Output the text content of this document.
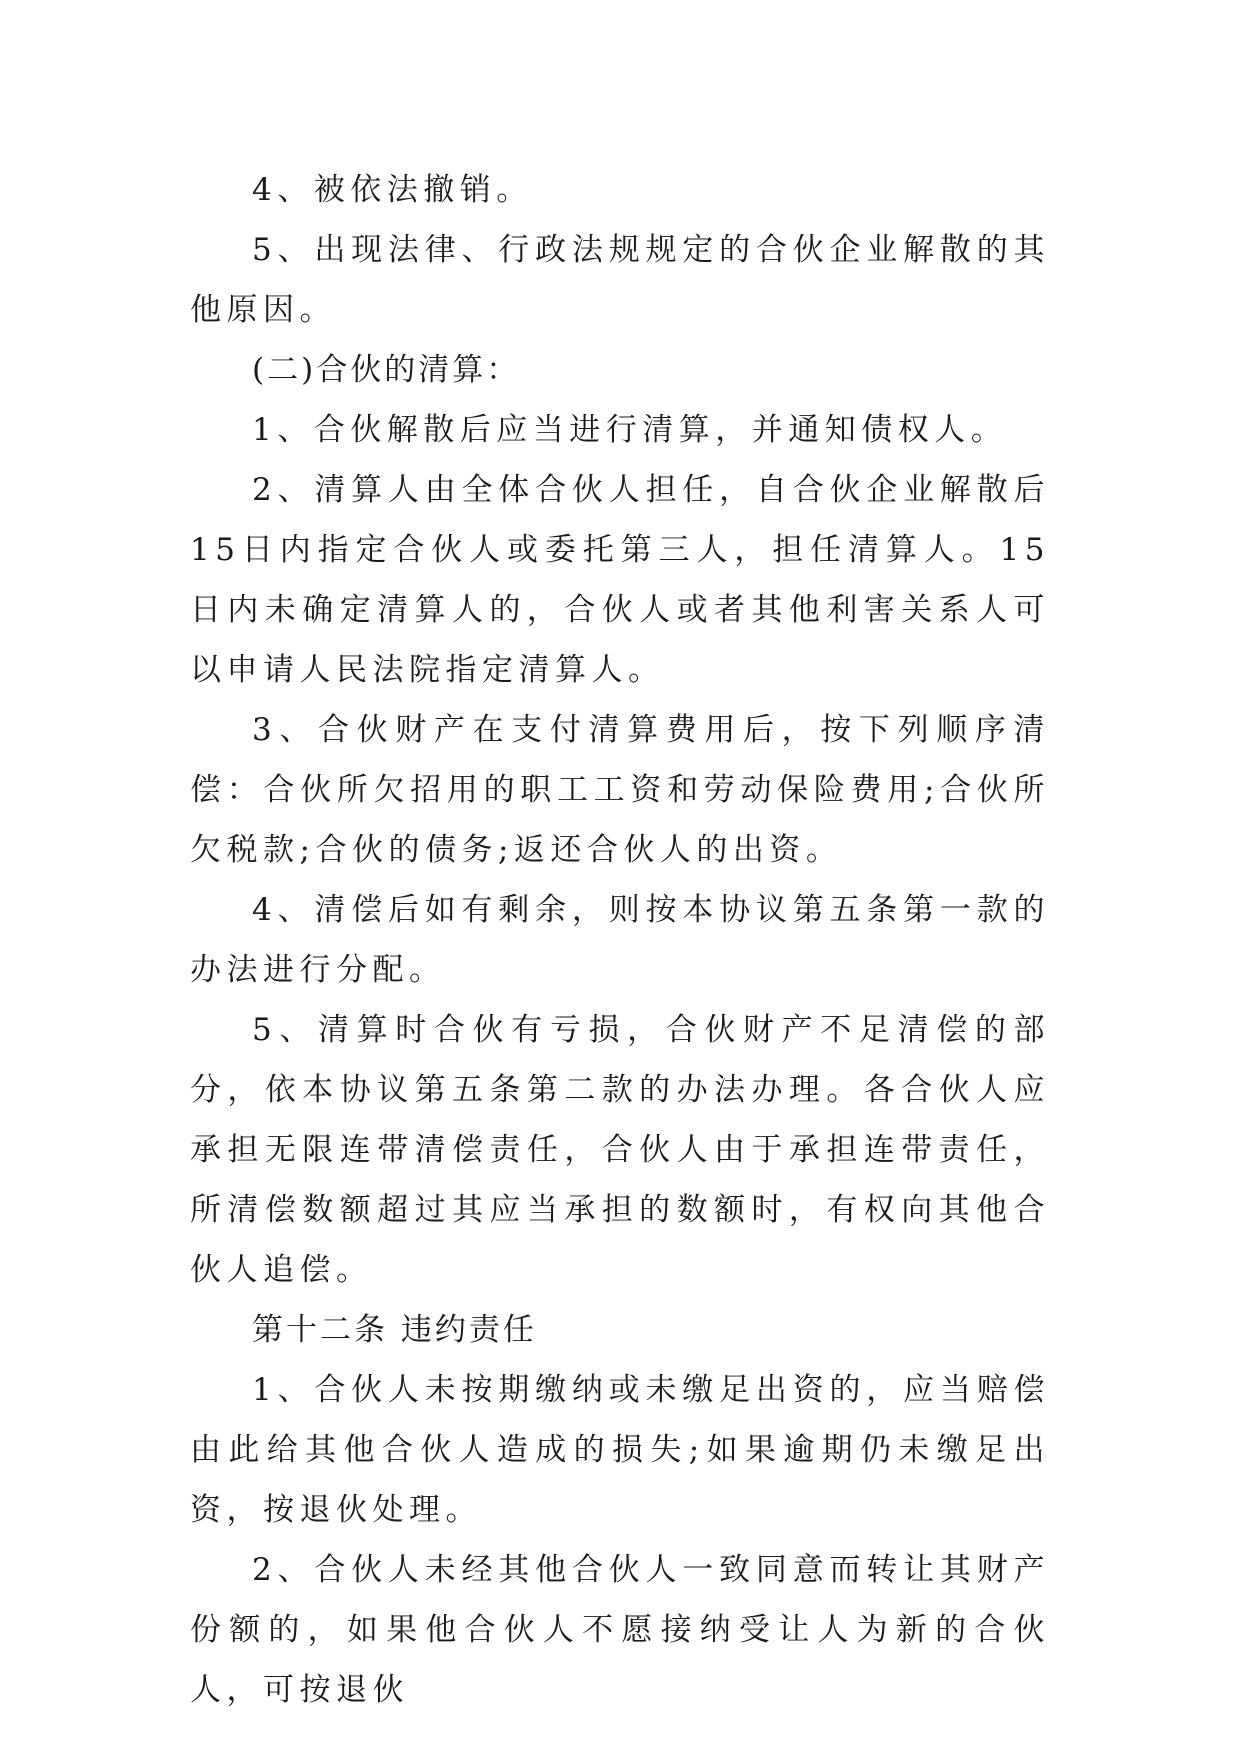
4、被依法撤销。

5、出现法律、行政法规规定的合伙企业解散的其他原因。

(二)合伙的清算：

1、合伙解散后应当进行清算，并通知债权人。

2、清算人由全体合伙人担任，自合伙企业解散后15日内指定合伙人或委托第三人，担任清算人。15日内未确定清算人的，合伙人或者其他利害关系人可以申请人民法院指定清算人。

3、合伙财产在支付清算费用后，按下列顺序清偿：合伙所欠招用的职工工资和劳动保险费用;合伙所欠税款;合伙的债务;返还合伙人的出资。

4、清偿后如有剩余，则按本协议第五条第一款的办法进行分配。

5、清算时合伙有亏损，合伙财产不足清偿的部分，依本协议第五条第二款的办法办理。各合伙人应承担无限连带清偿责任，合伙人由于承担连带责任，所清偿数额超过其应当承担的数额时，有权向其他合伙人追偿。

第十二条 违约责任

1、合伙人未按期缴纳或未缴足出资的，应当赔偿由此给其他合伙人造成的损失;如果逾期仍未缴足出资，按退伙处理。

2、合伙人未经其他合伙人一致同意而转让其财产份额的，如果他合伙人不愿接纳受让人为新的合伙人，可按退伙
